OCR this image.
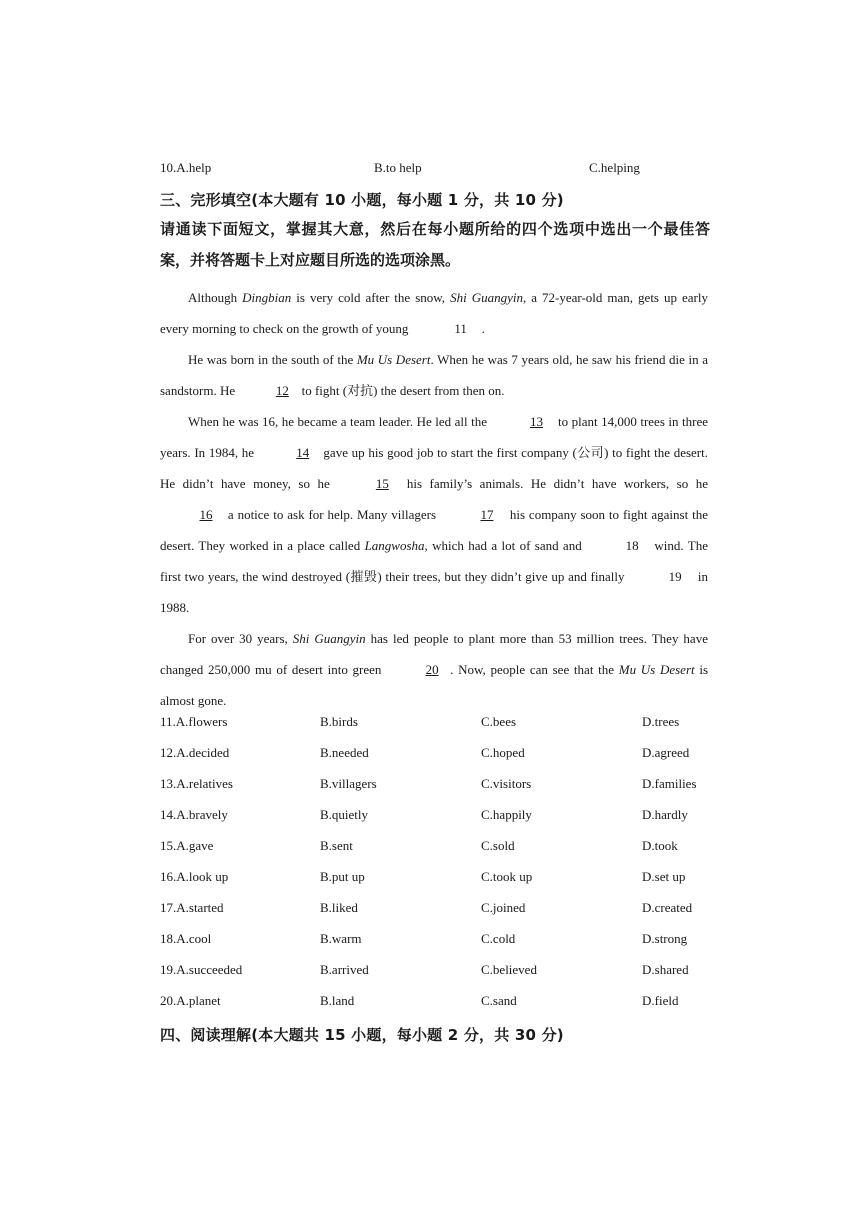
10.A.help	B.to help	C.helping
三、完形填空(本大题有 10 小题，每小题 1 分，共 10 分)
请通读下面短文，掌握其大意，然后在每小题所给的四个选项中选出一个最佳答案，并将答题卡上对应题目所选的选项涂黑。

Although Dingbian is very cold after the snow, Shi Guangyin, a 72-year-old man, gets up early every morning to check on the growth of young	11 .

He was born in the south of the Mu Us Desert. When he was 7 years old, he saw his friend die in a sandstorm. He	12 to fight (对抗) the desert from then on.

When he was 16, he became a team leader. He led all the	13 to plant 14,000 trees in three years. In 1984, he	14 gave up his good job to start the first company (公司) to fight the desert. He didn’t have money, so he	15 his family’s animals. He didn’t have workers, so he 16 a notice to ask for help. Many villagers	17 his company soon to fight against the desert. They worked in a place called Langwosha, which had a lot of sand and	18 wind. The first two years, the wind destroyed (摧毁) their trees, but they didn’t give up and finally	19 in 1988.

For over 30 years, Shi Guangyin has led people to plant more than 53 million trees. They have changed 250,000 mu of desert into green	20 . Now, people can see that the Mu Us Desert is almost gone.

11.A.flowers	B.birds	C.bees	D.trees
12.A.decided	B.needed	C.hoped	D.agreed
13.A.relatives	B.villagers	C.visitors	D.families
14.A.bravely	B.quietly	C.happily	D.hardly
15.A.gave	B.sent	C.sold	D.took
16.A.look up	B.put up	C.took up	D.set up
17.A.started	B.liked	C.joined	D.created
18.A.cool	B.warm	C.cold	D.strong
19.A.succeeded	B.arrived	C.believed	D.shared
20.A.planet	B.land	C.sand	D.field
四、阅读理解(本大题共 15 小题，每小题 2 分，共 30 分)
